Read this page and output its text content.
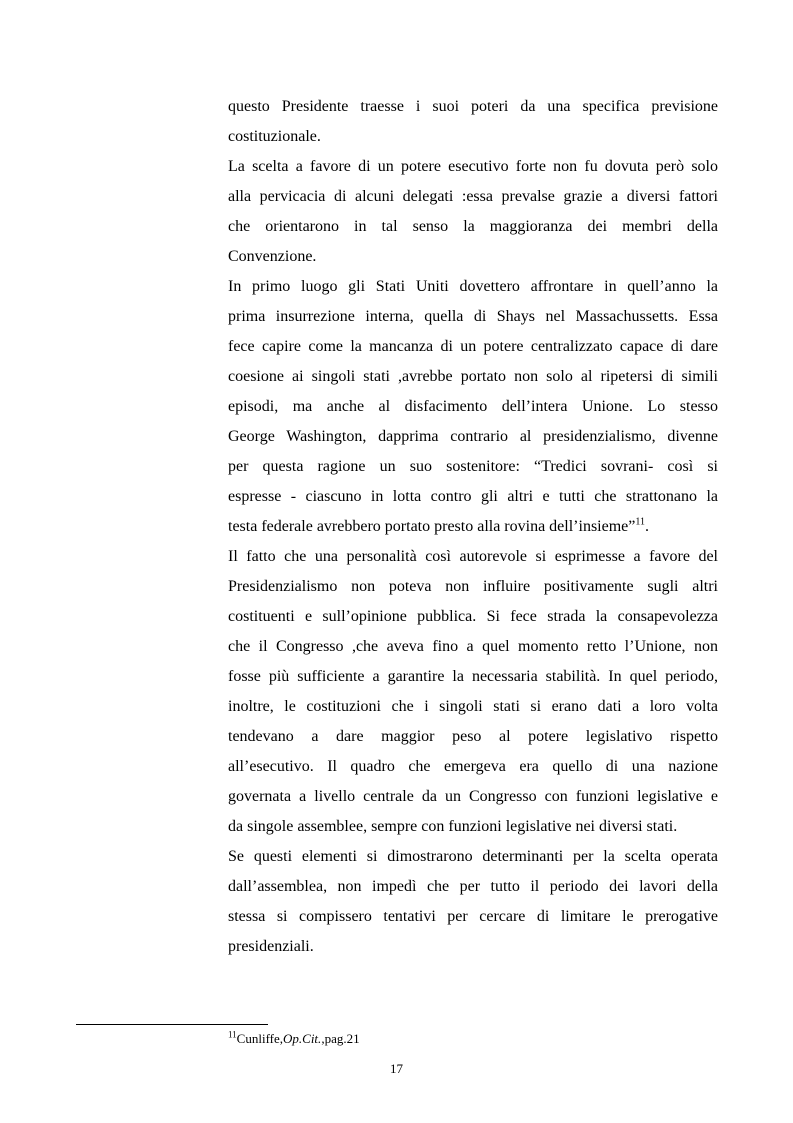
questo Presidente traesse i suoi poteri da una specifica previsione
costituzionale.
La scelta a favore di un potere esecutivo forte non fu dovuta però solo
alla pervicacia di alcuni delegati :essa prevalse grazie a diversi fattori
che orientarono in tal senso la maggioranza dei membri della
Convenzione.
In primo luogo gli Stati Uniti dovettero affrontare in quell’anno la
prima insurrezione interna, quella di Shays nel Massachussetts. Essa
fece capire come la mancanza di un potere centralizzato capace di dare
coesione ai singoli stati ,avrebbe portato non solo al ripetersi di simili
episodi, ma anche al disfacimento dell’intera Unione. Lo stesso
George Washington, dapprima contrario al presidenzialismo, divenne
per questa ragione un suo sostenitore: “Tredici sovrani- così si
espresse - ciascuno in lotta contro gli altri e tutti che strattonano la
testa federale avrebbero portato presto alla rovina dell’insieme”$^{11}$.
Il fatto che una personalità così autorevole si esprimesse a favore del
Presidenzialismo non poteva non influire positivamente sugli altri
costituenti e sull’opinione pubblica. Si fece strada la consapevolezza
che il Congresso ,che aveva fino a quel momento retto l’Unione, non
fosse più sufficiente a garantire la necessaria stabilità. In quel periodo,
inoltre, le costituzioni che i singoli stati si erano dati a loro volta
tendevano a dare maggior peso al potere legislativo rispetto
all’esecutivo. Il quadro che emergeva era quello di una nazione
governata a livello centrale da un Congresso con funzioni legislative e
da singole assemblee, sempre con funzioni legislative nei diversi stati.
Se questi elementi si dimostrarono determinanti per la scelta operata
dall’assemblea, non impedì che per tutto il periodo dei lavori della
stessa si compissero tentativi per cercare di limitare le prerogative
presidenziali.
$^{11}$Cunliffe,Op.Cit.,pag.21
17
